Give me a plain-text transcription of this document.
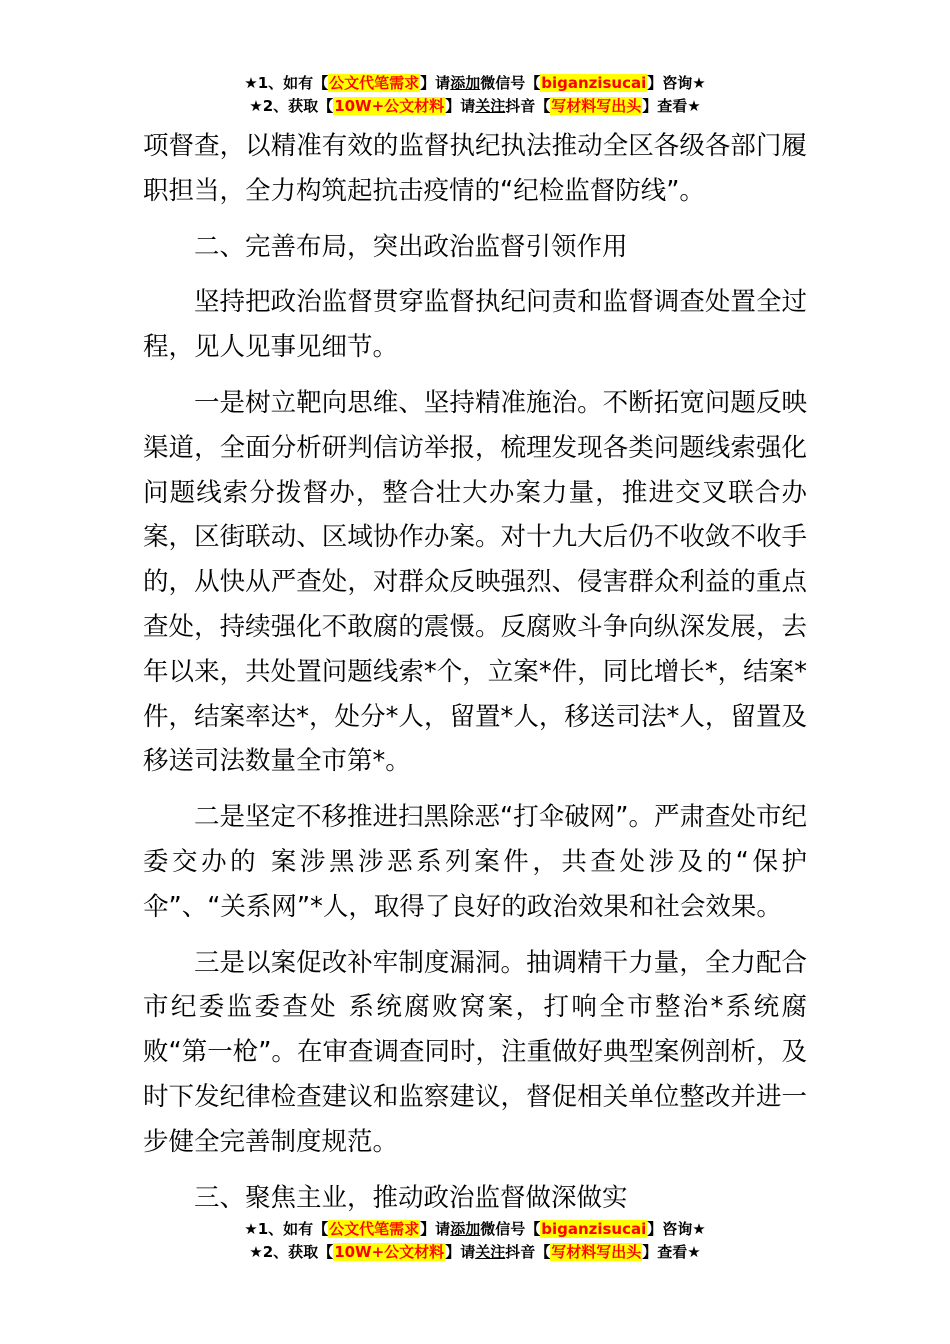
★1、如有【公文代笔需求】请添加微信号【biganzisucai】咨询★
★2、获取【10W+公文材料】请关注抖音【写材料写出头】查看★

项督查，以精准有效的监督执纪执法推动全区各级各部门履职担当，全力构筑起抗击疫情的“纪检监督防线”。

二、完善布局，突出政治监督引领作用

坚持把政治监督贯穿监督执纪问责和监督调查处置全过程，见人见事见细节。

一是树立靶向思维、坚持精准施治。不断拓宽问题反映渠道，全面分析研判信访举报，梳理发现各类问题线索强化问题线索分拨督办，整合壮大办案力量，推进交叉联合办案，区街联动、区域协作办案。对十九大后仍不收敛不收手的，从快从严查处，对群众反映强烈、侵害群众利益的重点查处，持续强化不敢腐的震慑。反腐败斗争向纵深发展，去年以来，共处置问题线索*个，立案*件，同比增长*，结案*件，结案率达*，处分*人，留置*人，移送司法*人，留置及移送司法数量全市第*。

二是坚定不移推进扫黑除恶“打伞破网”。严肃查处市纪委交办的 案涉黑涉恶系列案件，共查处涉及的“保护伞”、“关系网”*人，取得了良好的政治效果和社会效果。

三是以案促改补牢制度漏洞。抽调精干力量，全力配合市纪委监委查处 系统腐败窝案，打响全市整治*系统腐败“第一枪”。在审查调查同时，注重做好典型案例剖析，及时下发纪律检查建议和监察建议，督促相关单位整改并进一步健全完善制度规范。

三、聚焦主业，推动政治监督做深做实

★1、如有【公文代笔需求】请添加微信号【biganzisucai】咨询★
★2、获取【10W+公文材料】请关注抖音【写材料写出头】查看★
